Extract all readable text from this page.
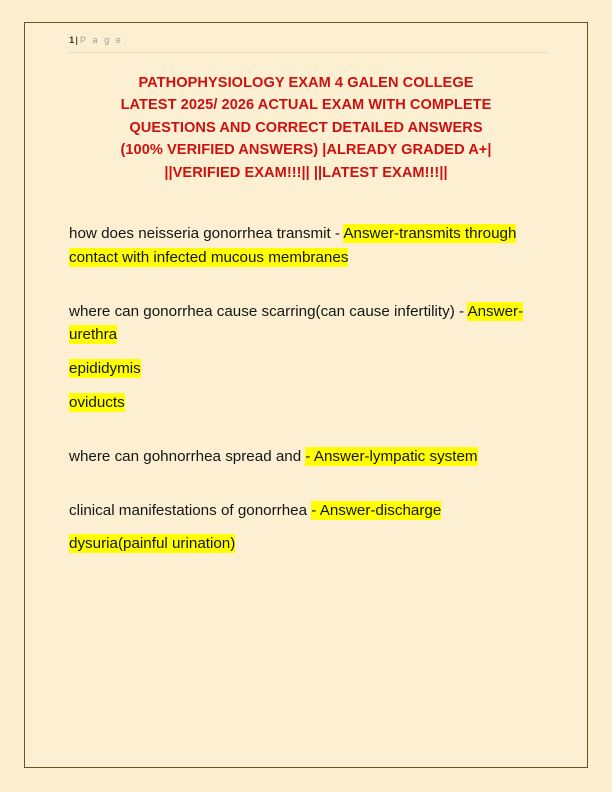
1| P a g e
PATHOPHYSIOLOGY EXAM 4 GALEN COLLEGE
LATEST 2025/ 2026 ACTUAL EXAM WITH COMPLETE
QUESTIONS AND CORRECT DETAILED ANSWERS
(100% VERIFIED ANSWERS) |ALREADY GRADED A+|
||VERIFIED EXAM!!!|| ||LATEST EXAM!!!||

how does neisseria gonorrhea transmit - Answer-transmits through contact with infected mucous membranes

where can gonorrhea cause scarring(can cause infertility) - Answer-urethra

epididymis

oviducts

where can gohnorrhea spread and - Answer-lympatic system

clinical manifestations of gonorrhea - Answer-discharge

dysuria(painful urination)
